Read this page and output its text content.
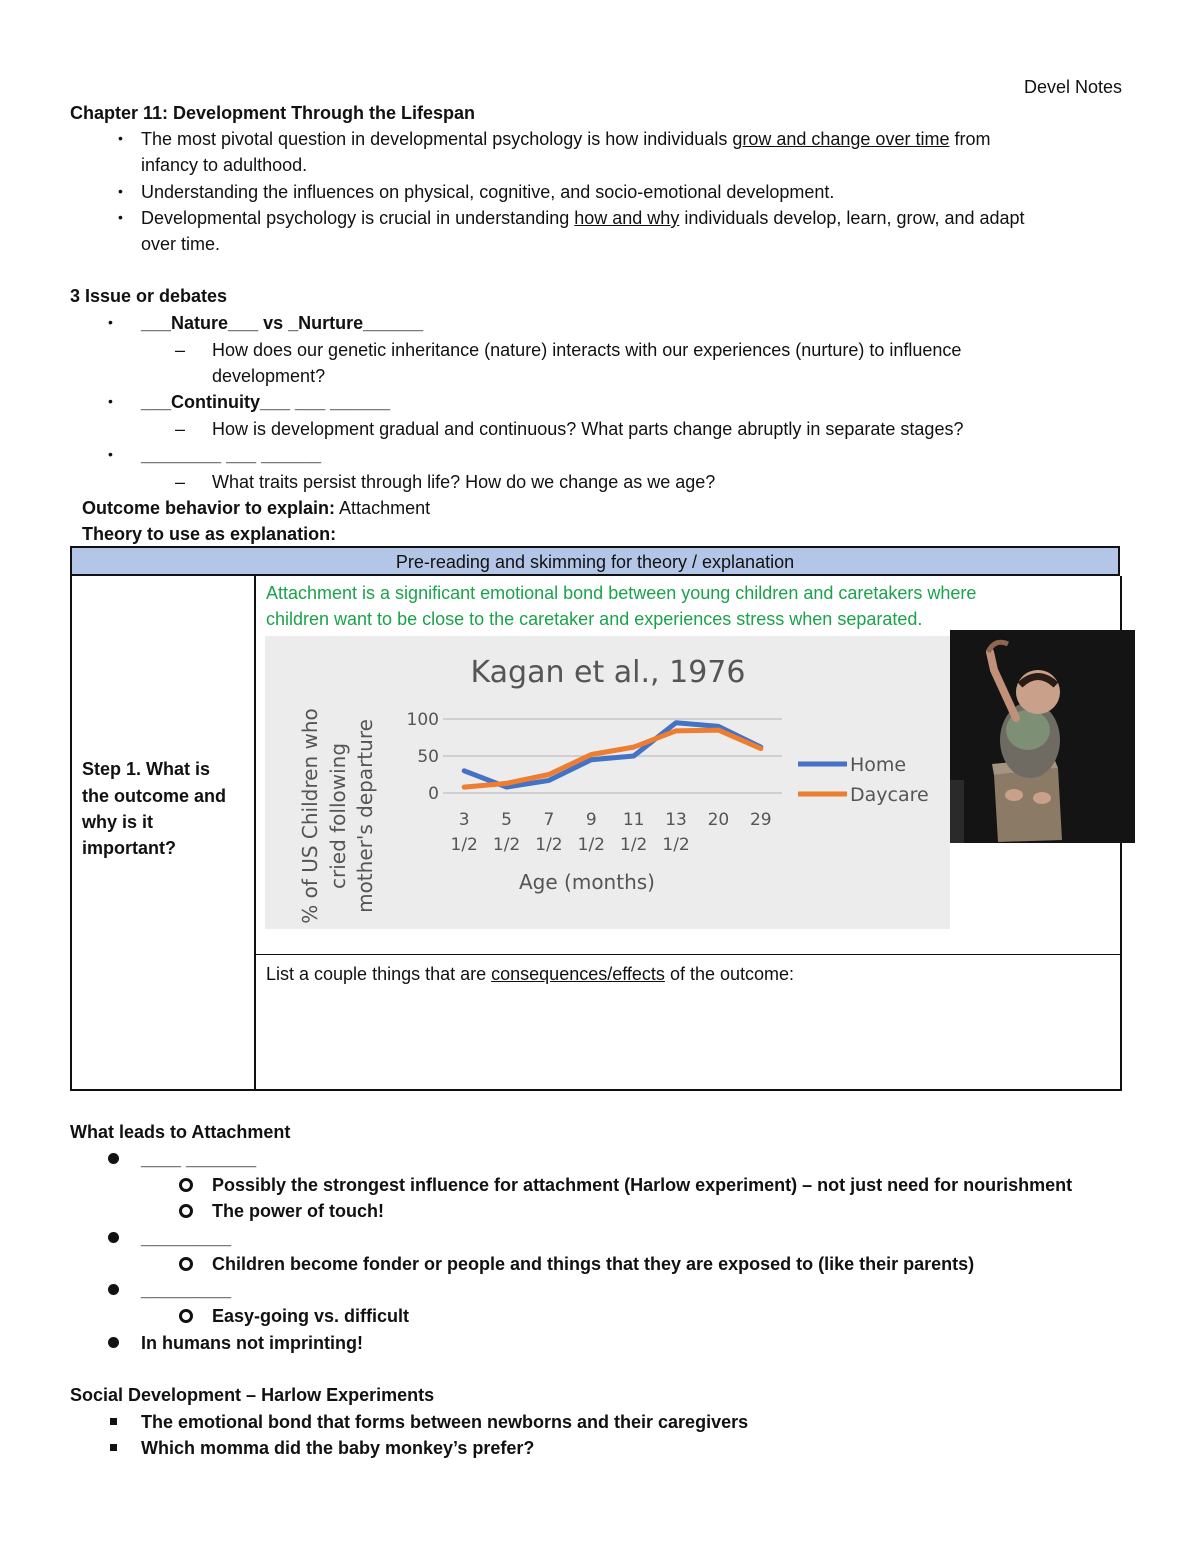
Devel Notes
Chapter 11: Development Through the Lifespan
• The most pivotal question in developmental psychology is how individuals grow and change over time from
infancy to adulthood.
• Understanding the influences on physical, cognitive, and socio-emotional development.
• Developmental psychology is crucial in understanding how and why individuals develop, learn, grow, and adapt
over time.
3 Issue or debates
• ___Nature___ vs _Nurture______
– How does our genetic inheritance (nature) interacts with our experiences (nurture) to influence
development?
• ___Continuity___ ___ ______
– How is development gradual and continuous? What parts change abruptly in separate stages?
• ________ ___ ______
– What traits persist through life? How do we change as we age?
Outcome behavior to explain: Attachment
Theory to use as explanation:
Pre-reading and skimming for theory / explanation
Step 1. What is
the outcome and
why is it
important?
Attachment is a significant emotional bond between young children and caretakers where
children want to be close to the caretaker and experiences stress when separated.
Kagan et al., 1976
% of US Children who cried following mother's departure 100
50
0
3
1/2
5
1/2
7
1/2
9
1/2
11
1/2
13
1/2
20 29
Age (months)
Home
Daycare
List a couple things that are consequences/effects of the outcome:
What leads to Attachment
____ _______
Possibly the strongest influence for attachment (Harlow experiment) – not just need for nourishment
The power of touch!
_________
Children become fonder or people and things that they are exposed to (like their parents)
_________
Easy-going vs. difficult
In humans not imprinting!
Social Development – Harlow Experiments
The emotional bond that forms between newborns and their caregivers
Which momma did the baby monkey’s prefer?
